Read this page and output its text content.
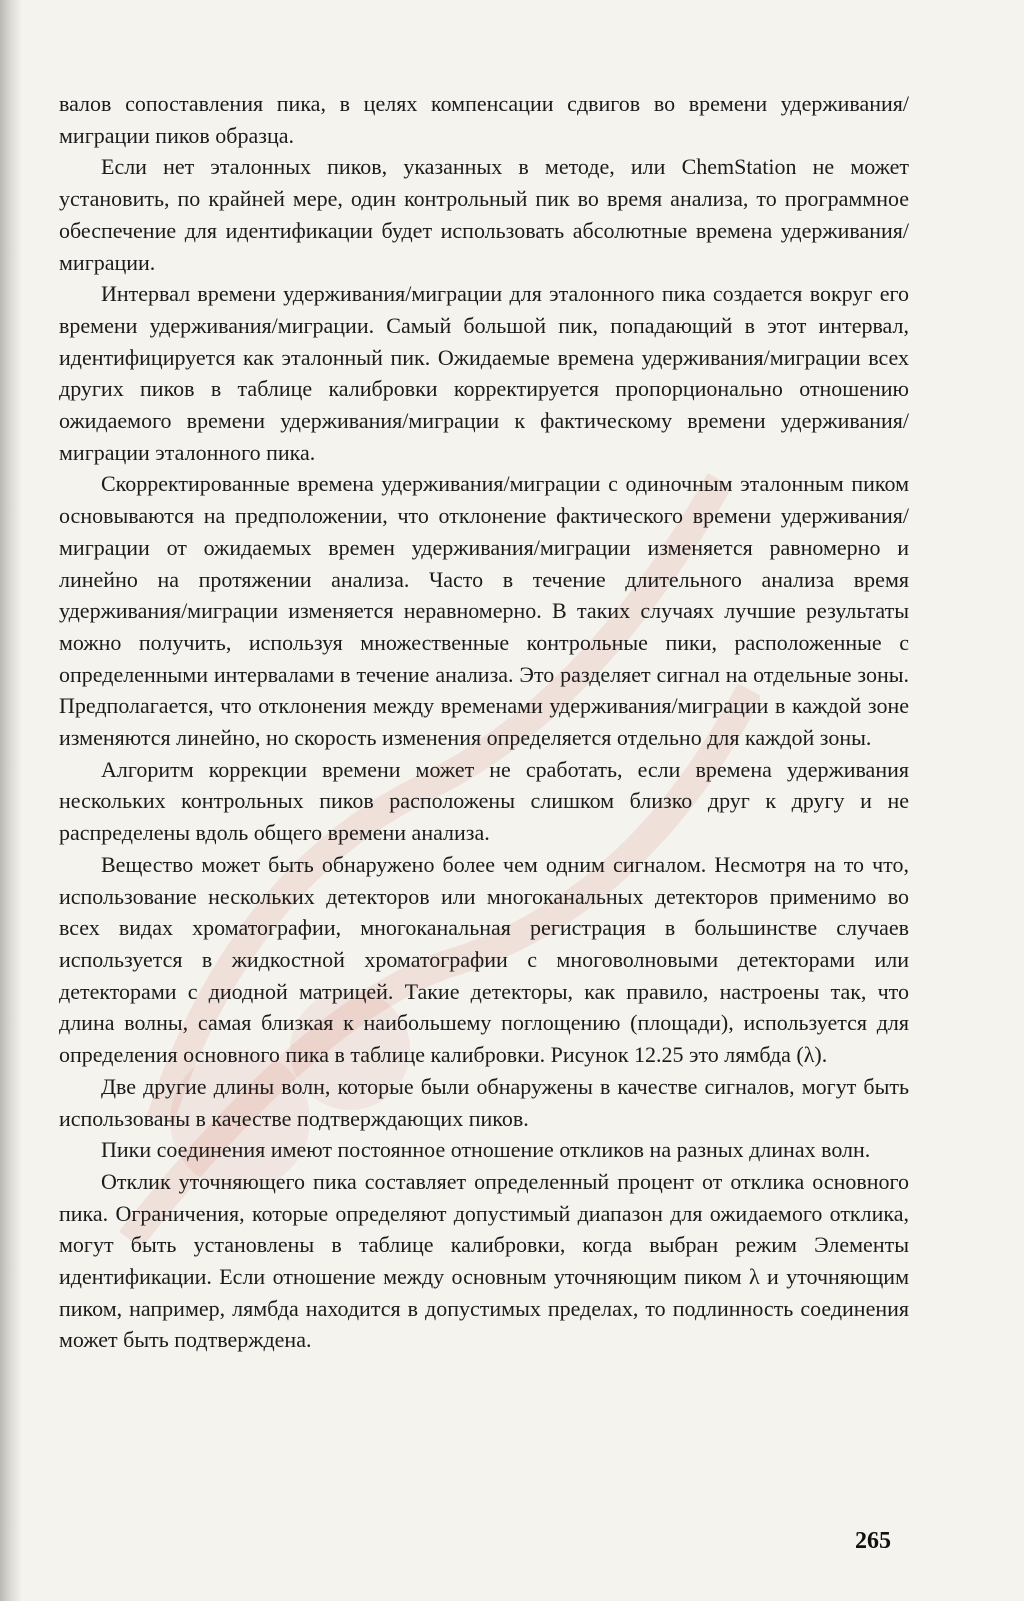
валов сопоставления пика, в целях компенсации сдвигов во времени удерживания/миграции пиков образца.

Если нет эталонных пиков, указанных в методе, или ChemStation не может установить, по крайней мере, один контрольный пик во время анализа, то программное обеспечение для идентификации будет использовать абсолютные времена удерживания/миграции.

Интервал времени удерживания/миграции для эталонного пика создается вокруг его времени удерживания/миграции. Самый большой пик, попадающий в этот интервал, идентифицируется как эталонный пик. Ожидаемые времена удерживания/миграции всех других пиков в таблице калибровки корректируется пропорционально отношению ожидаемого времени удерживания/миграции к фактическому времени удерживания/миграции эталонного пика.

Скорректированные времена удерживания/миграции с одиночным эталонным пиком основываются на предположении, что отклонение фактического времени удерживания/миграции от ожидаемых времен удерживания/миграции изменяется равномерно и линейно на протяжении анализа. Часто в течение длительного анализа время удерживания/миграции изменяется неравномерно. В таких случаях лучшие результаты можно получить, используя множественные контрольные пики, расположенные с определенными интервалами в течение анализа. Это разделяет сигнал на отдельные зоны. Предполагается, что отклонения между временами удерживания/миграции в каждой зоне изменяются линейно, но скорость изменения определяется отдельно для каждой зоны.

Алгоритм коррекции времени может не сработать, если времена удерживания нескольких контрольных пиков расположены слишком близко друг к другу и не распределены вдоль общего времени анализа.

Вещество может быть обнаружено более чем одним сигналом. Несмотря на то что, использование нескольких детекторов или многоканальных детекторов применимо во всех видах хроматографии, многоканальная регистрация в большинстве случаев используется в жидкостной хроматографии с многоволновыми детекторами или детекторами с диодной матрицей. Такие детекторы, как правило, настроены так, что длина волны, самая близкая к наибольшему поглощению (площади), используется для определения основного пика в таблице калибровки. Рисунок 12.25 это лямбда (λ).

Две другие длины волн, которые были обнаружены в качестве сигналов, могут быть использованы в качестве подтверждающих пиков.

Пики соединения имеют постоянное отношение откликов на разных длинах волн.

Отклик уточняющего пика составляет определенный процент от отклика основного пика. Ограничения, которые определяют допустимый диапазон для ожидаемого отклика, могут быть установлены в таблице калибровки, когда выбран режим Элементы идентификации. Если отношение между основным уточняющим пиком λ и уточняющим пиком, например, лямбда находится в допустимых пределах, то подлинность соединения может быть подтверждена.

265
